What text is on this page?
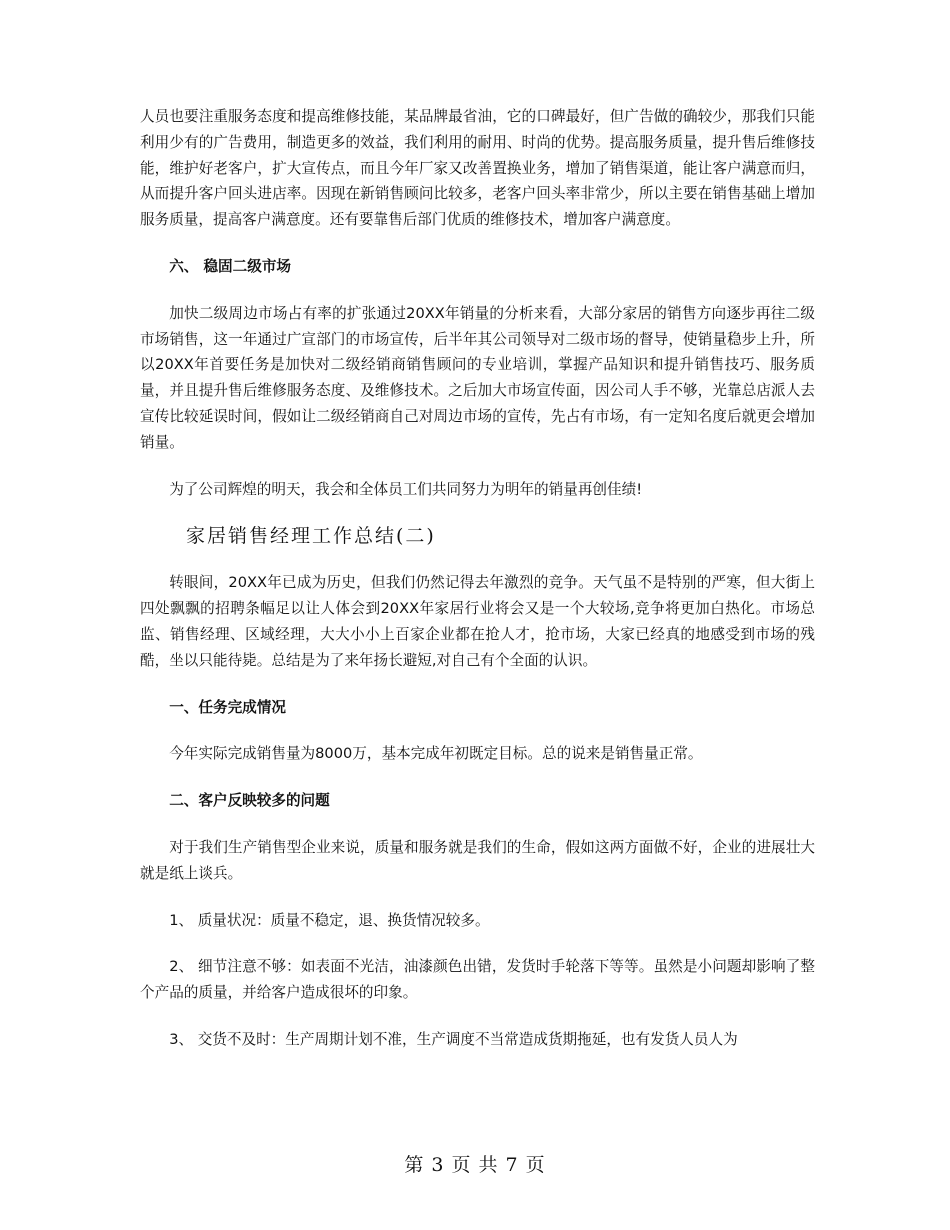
人员也要注重服务态度和提高维修技能，某品牌最省油，它的口碑最好，但广告做的确较少，那我们只能利用少有的广告费用，制造更多的效益，我们利用的耐用、时尚的优势。提高服务质量，提升售后维修技能，维护好老客户，扩大宣传点，而且今年厂家又改善置换业务，增加了销售渠道，能让客户满意而归，从而提升客户回头进店率。因现在新销售顾问比较多，老客户回头率非常少，所以主要在销售基础上增加服务质量，提高客户满意度。还有要靠售后部门优质的维修技术，增加客户满意度。

六、 稳固二级市场

加快二级周边市场占有率的扩张通过20XX年销量的分析来看，大部分家居的销售方向逐步再往二级市场销售，这一年通过广宣部门的市场宣传，后半年其公司领导对二级市场的督导，使销量稳步上升，所以20XX年首要任务是加快对二级经销商销售顾问的专业培训，掌握产品知识和提升销售技巧、服务质量，并且提升售后维修服务态度、及维修技术。之后加大市场宣传面，因公司人手不够，光靠总店派人去宣传比较延误时间，假如让二级经销商自己对周边市场的宣传，先占有市场，有一定知名度后就更会增加销量。

为了公司辉煌的明天，我会和全体员工们共同努力为明年的销量再创佳绩!

家居销售经理工作总结(二)

转眼间，20XX年已成为历史，但我们仍然记得去年激烈的竞争。天气虽不是特别的严寒，但大街上四处飘飘的招聘条幅足以让人体会到20XX年家居行业将会又是一个大较场,竞争将更加白热化。市场总监、销售经理、区域经理，大大小小上百家企业都在抢人才，抢市场，大家已经真的地感受到市场的残酷，坐以只能待毙。总结是为了来年扬长避短,对自己有个全面的认识。

一、任务完成情况

今年实际完成销售量为8000万，基本完成年初既定目标。总的说来是销售量正常。

二、客户反映较多的问题

对于我们生产销售型企业来说，质量和服务就是我们的生命，假如这两方面做不好，企业的进展壮大就是纸上谈兵。

1、 质量状况：质量不稳定，退、换货情况较多。

2、 细节注意不够：如表面不光洁，油漆颜色出错，发货时手轮落下等等。虽然是小问题却影响了整个产品的质量，并给客户造成很坏的印象。

3、 交货不及时：生产周期计划不准，生产调度不当常造成货期拖延，也有发货人员人为

第 3 页 共 7 页
